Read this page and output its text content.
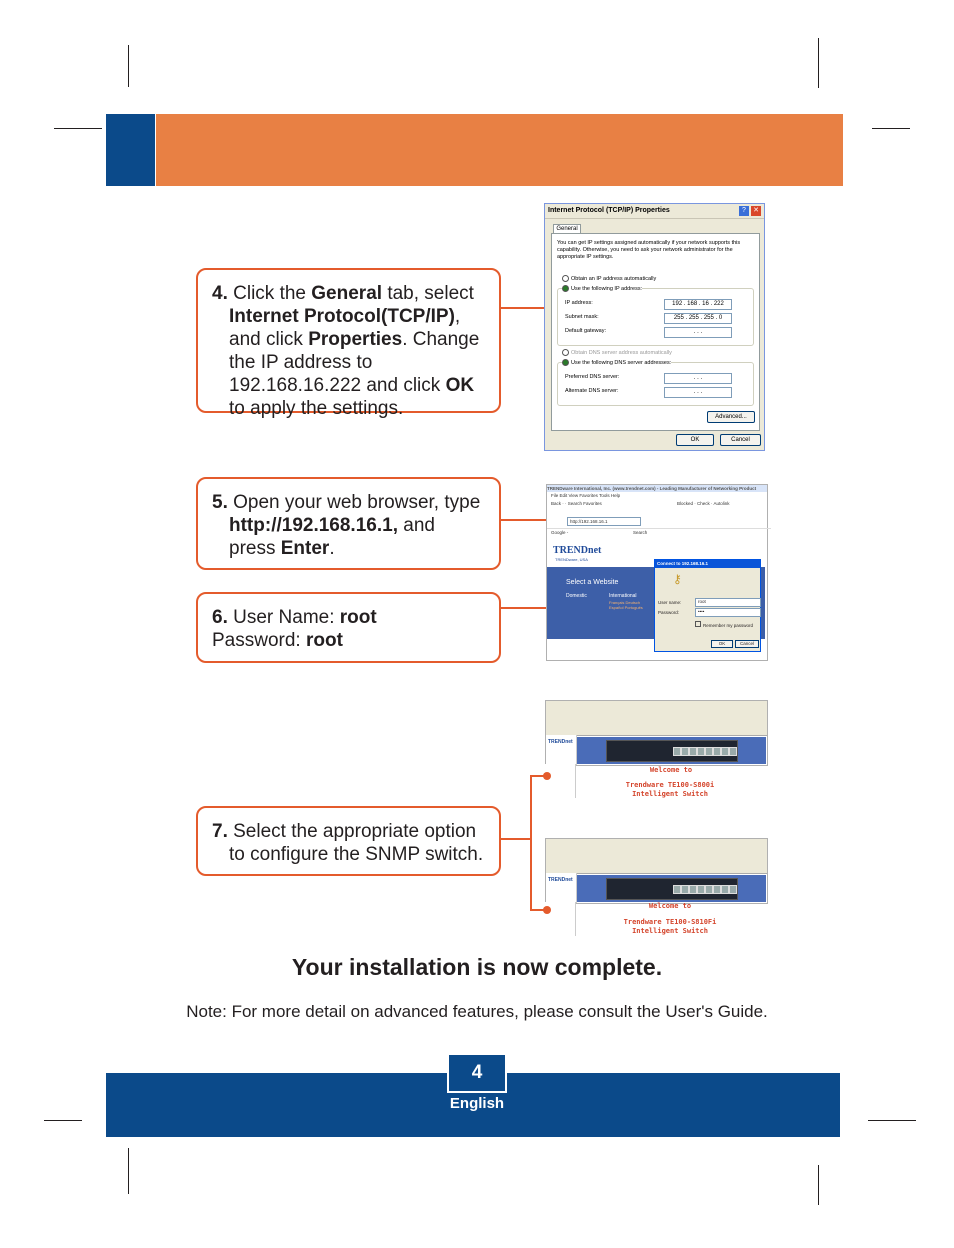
4. Click the General tab, select Internet Protocol(TCP/IP), and click Properties. Change the IP address to 192.168.16.222 and click OK to apply the settings.

Internet Protocol (TCP/IP) Properties	?	✕
General
You can get IP settings assigned automatically if your network supports this capability. Otherwise, you need to ask your network administrator for the appropriate IP settings.
Obtain an IP address automatically
Use the following IP address:
IP address:	192 . 168 . 16 . 222
Subnet mask:	255 . 255 . 255 . 0
Default gateway:	. . .
Obtain DNS server address automatically
Use the following DNS server addresses:
Preferred DNS server:	. . .
Alternate DNS server:	. . .
Advanced...
OK	Cancel

5. Open your web browser, type http://192.168.16.1, and press Enter.

6. User Name: root
Password: root

TRENDware International, Inc. (www.trendnet.com) - Leading Manufacturer of Networking Product
File Edit View Favorites Tools Help
Back · · Search Favorites	Blocked · Check · Autolink
http://192.168.16.1
Google -	Search
TRENDnet
TRENDware, USA
Select a Website
Domestic	International
Français Deutsch Español Português
Connect to 192.168.16.1
⚷
User name:	root
Password:	••••
Remember my password
OK	Cancel
TRENDnet
Welcome to
Trendware TE100-S800i
Intelligent Switch
TRENDnet
Welcome to
Trendware TE100-S810Fi
Intelligent Switch

7. Select the appropriate option to configure the SNMP switch.

Your installation is now complete.
Note: For more detail on advanced features, please consult the User's Guide.
4
English
